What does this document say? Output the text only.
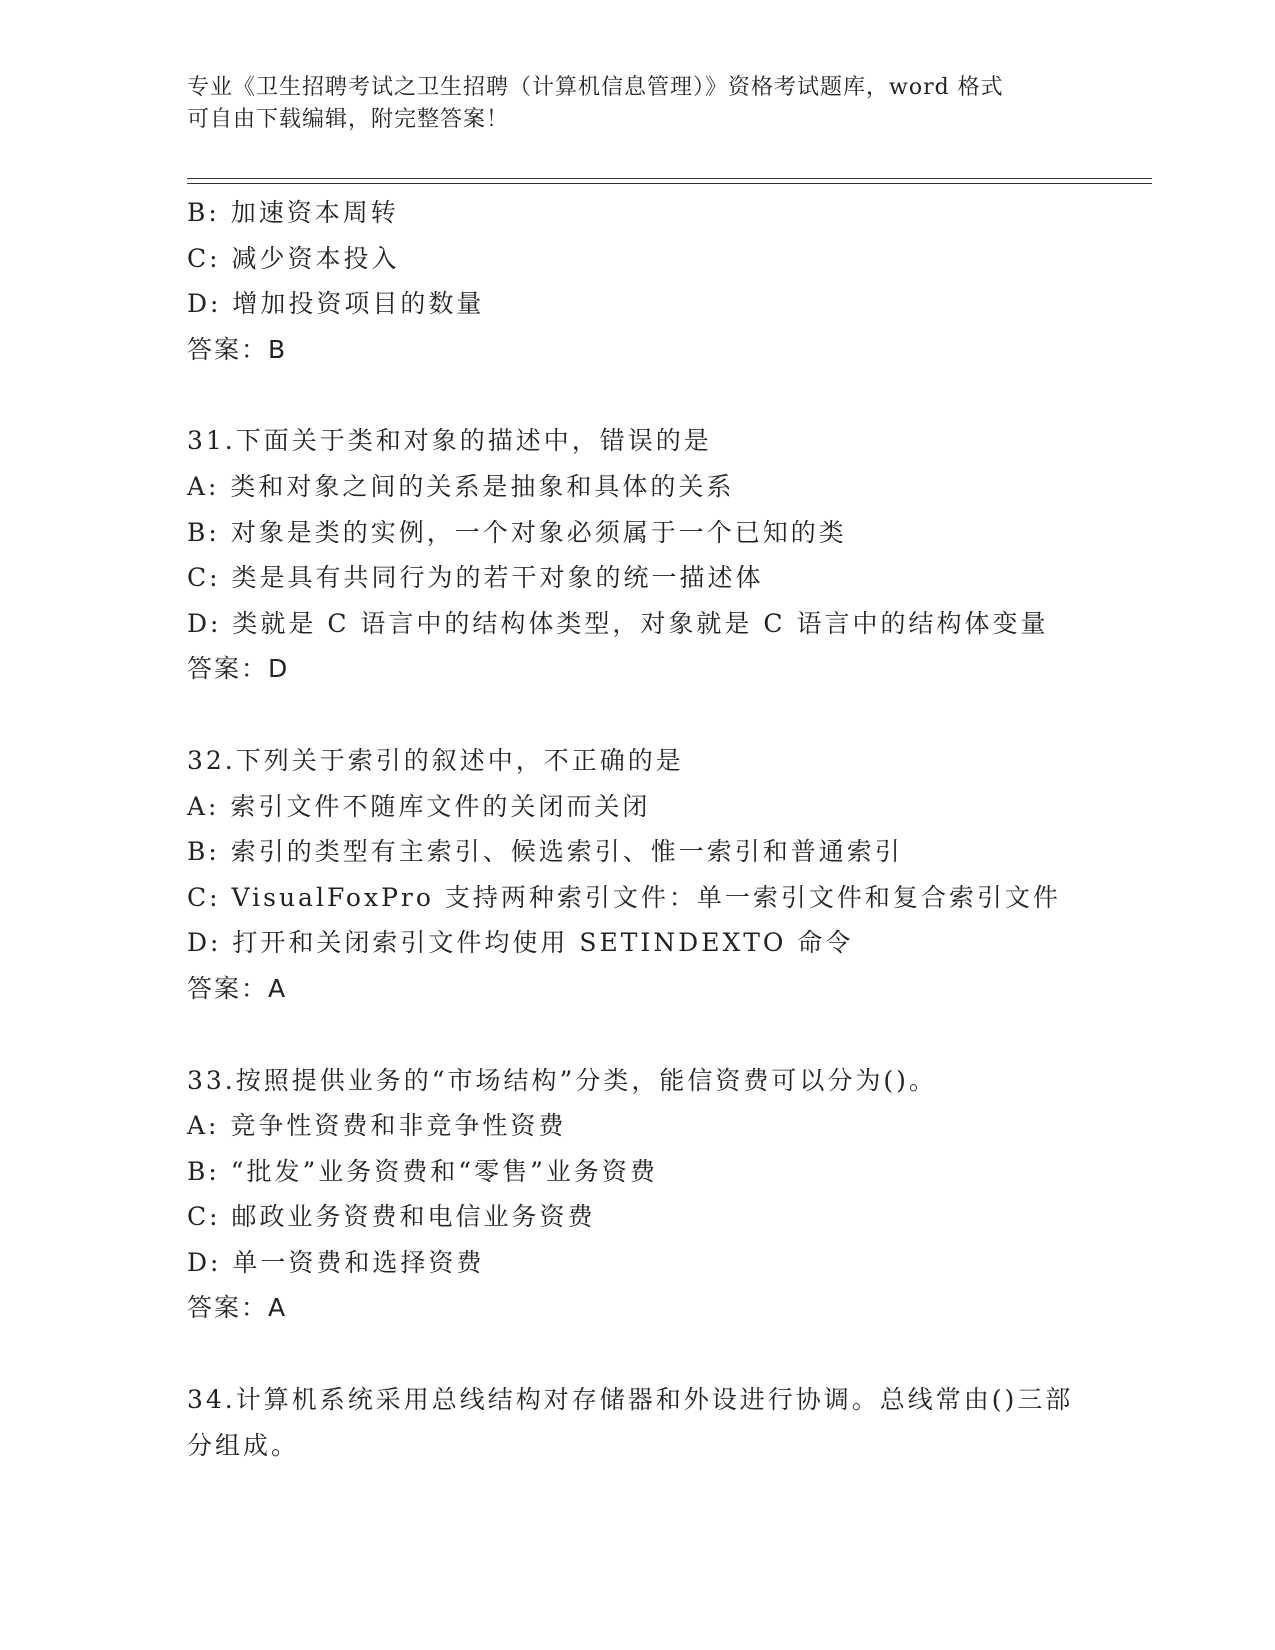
专业《卫生招聘考试之卫生招聘（计算机信息管理）》资格考试题库，word 格式
可自由下载编辑，附完整答案！
B: 加速资本周转
C: 减少资本投入
D: 增加投资项目的数量
答案：B
31.下面关于类和对象的描述中，错误的是
A: 类和对象之间的关系是抽象和具体的关系
B: 对象是类的实例，一个对象必须属于一个已知的类
C: 类是具有共同行为的若干对象的统一描述体
D: 类就是 C 语言中的结构体类型，对象就是 C 语言中的结构体变量
答案：D
32.下列关于索引的叙述中，不正确的是
A: 索引文件不随库文件的关闭而关闭
B: 索引的类型有主索引、候选索引、惟一索引和普通索引
C: VisualFoxPro 支持两种索引文件：单一索引文件和复合索引文件
D: 打开和关闭索引文件均使用 SETINDEXTO 命令
答案：A
33.按照提供业务的“市场结构”分类，能信资费可以分为()。
A: 竞争性资费和非竞争性资费
B: “批发”业务资费和“零售”业务资费
C: 邮政业务资费和电信业务资费
D: 单一资费和选择资费
答案：A
34.计算机系统采用总线结构对存储器和外设进行协调。总线常由()三部分组成。
